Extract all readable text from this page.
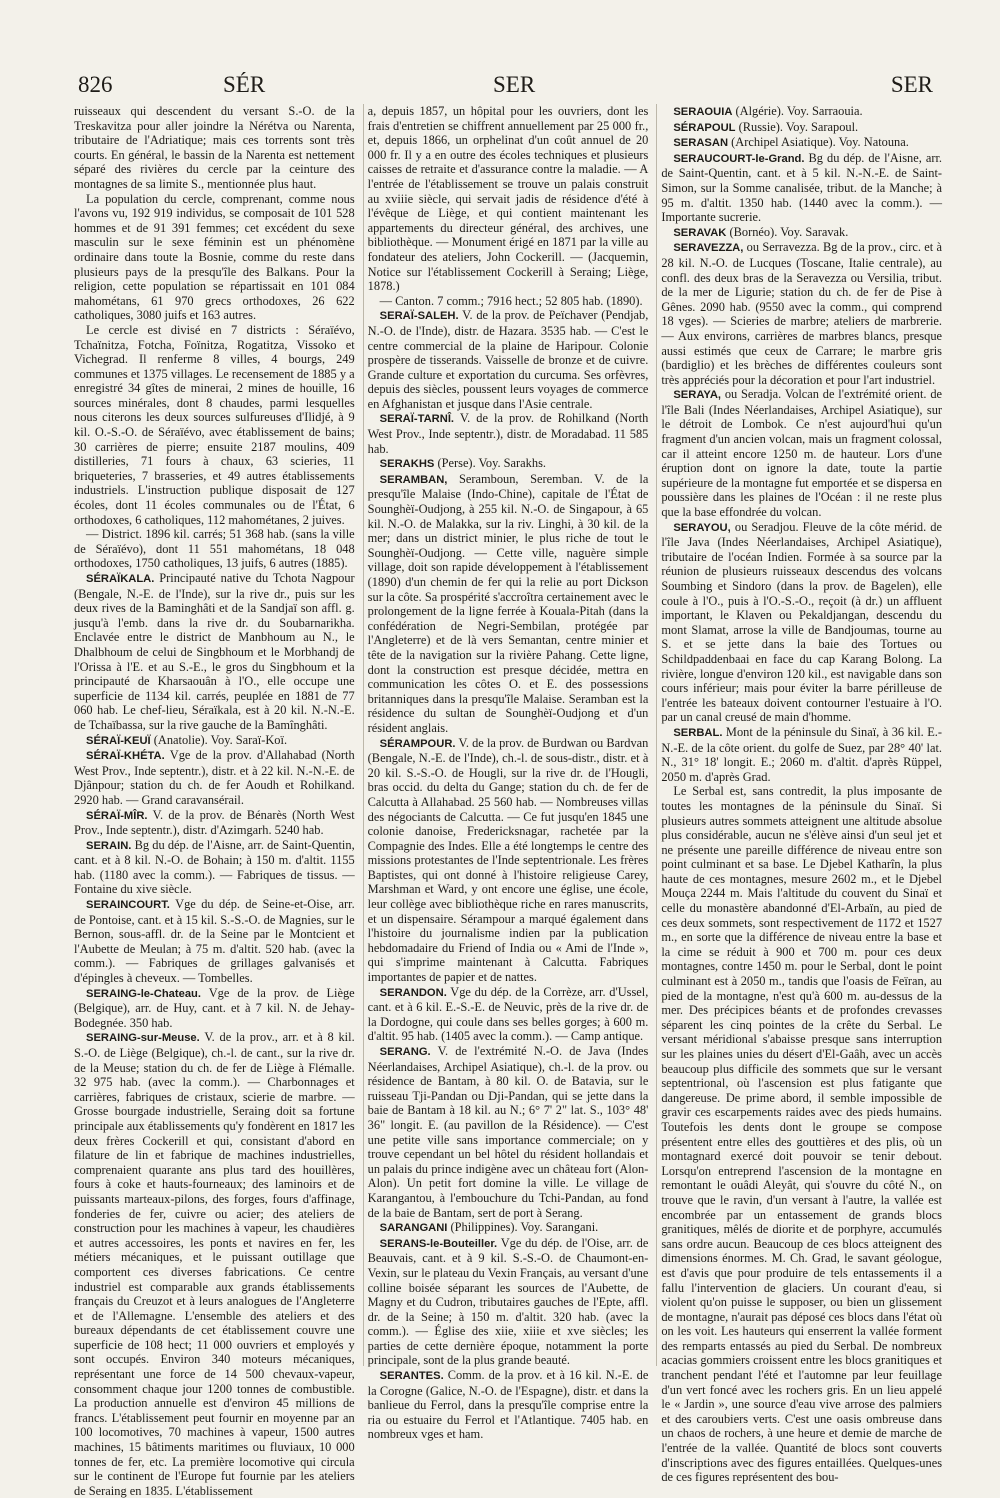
826	SÉR	SER	SER

ruisseaux qui descendent du versant S.-O. de la Treskavitza pour aller joindre la Nérétva ou Narenta, tributaire de l'Adriatique; mais ces torrents sont très courts. En général, le bassin de la Narenta est nettement séparé des rivières du cercle par la ceinture des montagnes de sa limite S., mentionnée plus haut.

La population du cercle, comprenant, comme nous l'avons vu, 192 919 individus, se composait de 101 528 hommes et de 91 391 femmes; cet excédent du sexe masculin sur le sexe féminin est un phénomène ordinaire dans toute la Bosnie, comme du reste dans plusieurs pays de la presqu'île des Balkans. Pour la religion, cette population se répartissait en 101 084 mahométans, 61 970 grecs orthodoxes, 26 622 catholiques, 3080 juifs et 163 autres.

Le cercle est divisé en 7 districts : Séraïévo, Tchaïnitza, Fotcha, Foïnitza, Rogatitza, Vissoko et Vichegrad. Il renferme 8 villes, 4 bourgs, 249 communes et 1375 villages. Le recensement de 1885 y a enregistré 34 gîtes de minerai, 2 mines de houille, 16 sources minérales, dont 8 chaudes, parmi lesquelles nous citerons les deux sources sulfureuses d'Ilidjé, à 9 kil. O.-S.-O. de Séraïévo, avec établissement de bains; 30 carrières de pierre; ensuite 2187 moulins, 409 distilleries, 71 fours à chaux, 63 scieries, 11 briqueteries, 7 brasseries, et 49 autres établissements industriels. L'instruction publique disposait de 127 écoles, dont 11 écoles communales ou de l'État, 6 orthodoxes, 6 catholiques, 112 mahométanes, 2 juives.

— District. 1896 kil. carrés; 51 368 hab. (sans la ville de Séraïévo), dont 11 551 mahométans, 18 048 orthodoxes, 1750 catholiques, 13 juifs, 6 autres (1885).

SÉRAÏKALA. Principauté native du Tchota Nagpour (Bengale, N.-E. de l'Inde), sur la rive dr., puis sur les deux rives de la Baminghâti et de la Sandjaï son affl. g. jusqu'à l'emb. dans la rive dr. du Soubarnarikha. Enclavée entre le district de Manbhoum au N., le Dhalbhoum de celui de Singbhoum et le Morbhandj de l'Orissa à l'E. et au S.-E., le gros du Singbhoum et la principauté de Kharsaouân à l'O., elle occupe une superficie de 1134 kil. carrés, peuplée en 1881 de 77 060 hab. Le chef-lieu, Séraïkala, est à 20 kil. N.-N.-E. de Tchaïbassa, sur la rive gauche de la Bamînghâti.

SÉRAÏ-KEUÏ (Anatolie). Voy. Saraï-Koï.

SÉRAÏ-KHÉTA. Vge de la prov. d'Allahabad (North West Prov., Inde septentr.), distr. et à 22 kil. N.-N.-E. de Djânpour; station du ch. de fer Aoudh et Rohilkand. 2920 hab. — Grand caravansérail.

SÉRAÏ-MÎR. V. de la prov. de Bénarès (North West Prov., Inde septentr.), distr. d'Azimgarh. 5240 hab.

SERAIN. Bg du dép. de l'Aisne, arr. de Saint-Quentin, cant. et à 8 kil. N.-O. de Bohain; à 150 m. d'altit. 1155 hab. (1180 avec la comm.). — Fabriques de tissus. — Fontaine du xive siècle.

SERAINCOURT. Vge du dép. de Seine-et-Oise, arr. de Pontoise, cant. et à 15 kil. S.-S.-O. de Magnies, sur le Bernon, sous-affl. dr. de la Seine par le Montcient et l'Aubette de Meulan; à 75 m. d'altit. 520 hab. (avec la comm.). — Fabriques de grillages galvanisés et d'épingles à cheveux. — Tombelles.

SERAING-le-Chateau. Vge de la prov. de Liège (Belgique), arr. de Huy, cant. et à 7 kil. N. de Jehay-Bodegnée. 350 hab.

SERAING-sur-Meuse. V. de la prov., arr. et à 8 kil. S.-O. de Liège (Belgique), ch.-l. de cant., sur la rive dr. de la Meuse; station du ch. de fer de Liège à Flémalle. 32 975 hab. (avec la comm.). — Charbonnages et carrières, fabriques de cristaux, scierie de marbre. — Grosse bourgade industrielle, Seraing doit sa fortune principale aux établissements qu'y fondèrent en 1817 les deux frères Cockerill et qui, consistant d'abord en filature de lin et fabrique de machines industrielles, comprenaient quarante ans plus tard des houillères, fours à coke et hauts-fourneaux; des laminoirs et de puissants marteaux-pilons, des forges, fours d'affinage, fonderies de fer, cuivre ou acier; des ateliers de construction pour les machines à vapeur, les chaudières et autres accessoires, les ponts et navires en fer, les métiers mécaniques, et le puissant outillage que comportent ces diverses fabrications. Ce centre industriel est comparable aux grands établissements français du Creuzot et à leurs analogues de l'Angleterre et de l'Allemagne. L'ensemble des ateliers et des bureaux dépendants de cet établissement couvre une superficie de 108 hect; 11 000 ouvriers et employés y sont occupés. Environ 340 moteurs mécaniques, représentant une force de 14 500 chevaux-vapeur, consomment chaque jour 1200 tonnes de combustible. La production annuelle est d'environ 45 millions de francs. L'établissement peut fournir en moyenne par an 100 locomotives, 70 machines à vapeur, 1500 autres machines, 15 bâtiments maritimes ou fluviaux, 10 000 tonnes de fer, etc. La première locomotive qui circula sur le continent de l'Europe fut fournie par les ateliers de Seraing en 1835. L'établissement

a, depuis 1857, un hôpital pour les ouvriers, dont les frais d'entretien se chiffrent annuellement par 25 000 fr., et, depuis 1866, un orphelinat d'un coût annuel de 20 000 fr. Il y a en outre des écoles techniques et plusieurs caisses de retraite et d'assurance contre la maladie. — A l'entrée de l'établissement se trouve un palais construit au xviiie siècle, qui servait jadis de résidence d'été à l'évêque de Liège, et qui contient maintenant les appartements du directeur général, des archives, une bibliothèque. — Monument érigé en 1871 par la ville au fondateur des ateliers, John Cockerill. — (Jacquemin, Notice sur l'établissement Cockerill à Seraing; Liège, 1878.)

— Canton. 7 comm.; 7916 hect.; 52 805 hab. (1890).

SERAÏ-SALEH. V. de la prov. de Peïchaver (Pendjab, N.-O. de l'Inde), distr. de Hazara. 3535 hab. — C'est le centre commercial de la plaine de Haripour. Colonie prospère de tisserands. Vaisselle de bronze et de cuivre. Grande culture et exportation du curcuma. Ses orfèvres, depuis des siècles, poussent leurs voyages de commerce en Afghanistan et jusque dans l'Asie centrale.

SERAÏ-TARNÎ. V. de la prov. de Rohilkand (North West Prov., Inde septentr.), distr. de Moradabad. 11 585 hab.

SERAKHS (Perse). Voy. Sarakhs.

SERAMBAN, Seramboun, Seremban. V. de la presqu'île Malaise (Indo-Chine), capitale de l'État de Sounghèï-Oudjong, à 255 kil. N.-O. de Singapour, à 65 kil. N.-O. de Malakka, sur la riv. Linghi, à 30 kil. de la mer; dans un district minier, le plus riche de tout le Sounghèï-Oudjong. — Cette ville, naguère simple village, doit son rapide développement à l'établissement (1890) d'un chemin de fer qui la relie au port Dickson sur la côte. Sa prospérité s'accroîtra certainement avec le prolongement de la ligne ferrée à Kouala-Pitah (dans la confédération de Negri-Sembilan, protégée par l'Angleterre) et de là vers Semantan, centre minier et tête de la navigation sur la rivière Pahang. Cette ligne, dont la construction est presque décidée, mettra en communication les côtes O. et E. des possessions britanniques dans la presqu'île Malaise. Seramban est la résidence du sultan de Sounghèï-Oudjong et d'un résident anglais.

SÉRAMPOUR. V. de la prov. de Burdwan ou Bardvan (Bengale, N.-E. de l'Inde), ch.-l. de sous-distr., distr. et à 20 kil. S.-S.-O. de Hougli, sur la rive dr. de l'Hougli, bras occid. du delta du Gange; station du ch. de fer de Calcutta à Allahabad. 25 560 hab. — Nombreuses villas des négociants de Calcutta. — Ce fut jusqu'en 1845 une colonie danoise, Fredericksnagar, rachetée par la Compagnie des Indes. Elle a été longtemps le centre des missions protestantes de l'Inde septentrionale. Les frères Baptistes, qui ont donné à l'histoire religieuse Carey, Marshman et Ward, y ont encore une église, une école, leur collège avec bibliothèque riche en rares manuscrits, et un dispensaire. Sérampour a marqué également dans l'histoire du journalisme indien par la publication hebdomadaire du Friend of India ou « Ami de l'Inde », qui s'imprime maintenant à Calcutta. Fabriques importantes de papier et de nattes.

SERANDON. Vge du dép. de la Corrèze, arr. d'Ussel, cant. et à 6 kil. E.-S.-E. de Neuvic, près de la rive dr. de la Dordogne, qui coule dans ses belles gorges; à 600 m. d'altit. 95 hab. (1405 avec la comm.). — Camp antique.

SERANG. V. de l'extrémité N.-O. de Java (Indes Néerlandaises, Archipel Asiatique), ch.-l. de la prov. ou résidence de Bantam, à 80 kil. O. de Batavia, sur le ruisseau Tji-Pandan ou Dji-Pandan, qui se jette dans la baie de Bantam à 18 kil. au N.; 6° 7' 2" lat. S., 103° 48' 36" longit. E. (au pavillon de la Résidence). — C'est une petite ville sans importance commerciale; on y trouve cependant un bel hôtel du résident hollandais et un palais du prince indigène avec un château fort (Alon-Alon). Un petit fort domine la ville. Le village de Karangantou, à l'embouchure du Tchi-Pandan, au fond de la baie de Bantam, sert de port à Serang.

SARANGANI (Philippines). Voy. Sarangani.

SERANS-le-Bouteiller. Vge du dép. de l'Oise, arr. de Beauvais, cant. et à 9 kil. S.-S.-O. de Chaumont-en-Vexin, sur le plateau du Vexin Français, au versant d'une colline boisée séparant les sources de l'Aubette, de Magny et du Cudron, tributaires gauches de l'Epte, affl. dr. de la Seine; à 150 m. d'altit. 320 hab. (avec la comm.). — Église des xiie, xiiie et xve siècles; les parties de cette dernière époque, notamment la porte principale, sont de la plus grande beauté.

SERANTES. Comm. de la prov. et à 16 kil. N.-E. de la Corogne (Galice, N.-O. de l'Espagne), distr. et dans la banlieue du Ferrol, dans la presqu'île comprise entre la ria ou estuaire du Ferrol et l'Atlantique. 7405 hab. en nombreux vges et ham.

SERAOUIA (Algérie). Voy. Sarraouia.

SÉRAPOUL (Russie). Voy. Sarapoul.

SERASAN (Archipel Asiatique). Voy. Natouna.

SERAUCOURT-le-Grand. Bg du dép. de l'Aisne, arr. de Saint-Quentin, cant. et à 5 kil. N.-N.-E. de Saint-Simon, sur la Somme canalisée, tribut. de la Manche; à 95 m. d'altit. 1350 hab. (1440 avec la comm.). — Importante sucrerie.

SERAVAK (Bornéo). Voy. Saravak.

SERAVEZZA, ou Serravezza. Bg de la prov., circ. et à 28 kil. N.-O. de Lucques (Toscane, Italie centrale), au confl. des deux bras de la Seravezza ou Versilia, tribut. de la mer de Ligurie; station du ch. de fer de Pise à Gênes. 2090 hab. (9550 avec la comm., qui comprend 18 vges). — Scieries de marbre; ateliers de marbrerie. — Aux environs, carrières de marbres blancs, presque aussi estimés que ceux de Carrare; le marbre gris (bardiglio) et les brèches de différentes couleurs sont très appréciés pour la décoration et pour l'art industriel.

SERAYA, ou Seradja. Volcan de l'extrémité orient. de l'île Bali (Indes Néerlandaises, Archipel Asiatique), sur le détroit de Lombok. Ce n'est aujourd'hui qu'un fragment d'un ancien volcan, mais un fragment colossal, car il atteint encore 1250 m. de hauteur. Lors d'une éruption dont on ignore la date, toute la partie supérieure de la montagne fut emportée et se dispersa en poussière dans les plaines de l'Océan : il ne reste plus que la base effondrée du volcan.

SERAYOU, ou Seradjou. Fleuve de la côte mérid. de l'île Java (Indes Néerlandaises, Archipel Asiatique), tributaire de l'océan Indien. Formée à sa source par la réunion de plusieurs ruisseaux descendus des volcans Soumbing et Sindoro (dans la prov. de Bagelen), elle coule à l'O., puis à l'O.-S.-O., reçoit (à dr.) un affluent important, le Klaven ou Pekaldjangan, descendu du mont Slamat, arrose la ville de Bandjoumas, tourne au S. et se jette dans la baie des Tortues ou Schildpaddenbaai en face du cap Karang Bolong. La rivière, longue d'environ 120 kil., est navigable dans son cours inférieur; mais pour éviter la barre périlleuse de l'entrée les bateaux doivent contourner l'estuaire à l'O. par un canal creusé de main d'homme.

SERBAL. Mont de la péninsule du Sinaï, à 36 kil. E.-N.-E. de la côte orient. du golfe de Suez, par 28° 40' lat. N., 31° 18' longit. E.; 2060 m. d'altit. d'après Rüppel, 2050 m. d'après Grad.

Le Serbal est, sans contredit, la plus imposante de toutes les montagnes de la péninsule du Sinaï. Si plusieurs autres sommets atteignent une altitude absolue plus considérable, aucun ne s'élève ainsi d'un seul jet et ne présente une pareille différence de niveau entre son point culminant et sa base. Le Djebel Katharîn, la plus haute de ces montagnes, mesure 2602 m., et le Djebel Mouça 2244 m. Mais l'altitude du couvent du Sinaï et celle du monastère abandonné d'El-Arbaïn, au pied de ces deux sommets, sont respectivement de 1172 et 1527 m., en sorte que la différence de niveau entre la base et la cime se réduit à 900 et 700 m. pour ces deux montagnes, contre 1450 m. pour le Serbal, dont le point culminant est à 2050 m., tandis que l'oasis de Feïran, au pied de la montagne, n'est qu'à 600 m. au-dessus de la mer. Des précipices béants et de profondes crevasses séparent les cinq pointes de la crête du Serbal. Le versant méridional s'abaisse presque sans interruption sur les plaines unies du désert d'El-Gaâh, avec un accès beaucoup plus difficile des sommets que sur le versant septentrional, où l'ascension est plus fatigante que dangereuse. De prime abord, il semble impossible de gravir ces escarpements raides avec des pieds humains. Toutefois les dents dont le groupe se compose présentent entre elles des gouttières et des plis, où un montagnard exercé doit pouvoir se tenir debout. Lorsqu'on entreprend l'ascension de la montagne en remontant le ouâdi Aleyât, qui s'ouvre du côté N., on trouve que le ravin, d'un versant à l'autre, la vallée est encombrée par un entassement de grands blocs granitiques, mêlés de diorite et de porphyre, accumulés sans ordre aucun. Beaucoup de ces blocs atteignent des dimensions énormes. M. Ch. Grad, le savant géologue, est d'avis que pour produire de tels entassements il a fallu l'intervention de glaciers. Un courant d'eau, si violent qu'on puisse le supposer, ou bien un glissement de montagne, n'aurait pas déposé ces blocs dans l'état où on les voit. Les hauteurs qui enserrent la vallée forment des remparts entassés au pied du Serbal. De nombreux acacias gommiers croissent entre les blocs granitiques et tranchent pendant l'été et l'automne par leur feuillage d'un vert foncé avec les rochers gris. En un lieu appelé le « Jardin », une source d'eau vive arrose des palmiers et des caroubiers verts. C'est une oasis ombreuse dans un chaos de rochers, à une heure et demie de marche de l'entrée de la vallée. Quantité de blocs sont couverts d'inscriptions avec des figures entaillées. Quelques-unes de ces figures représentent des bou-
